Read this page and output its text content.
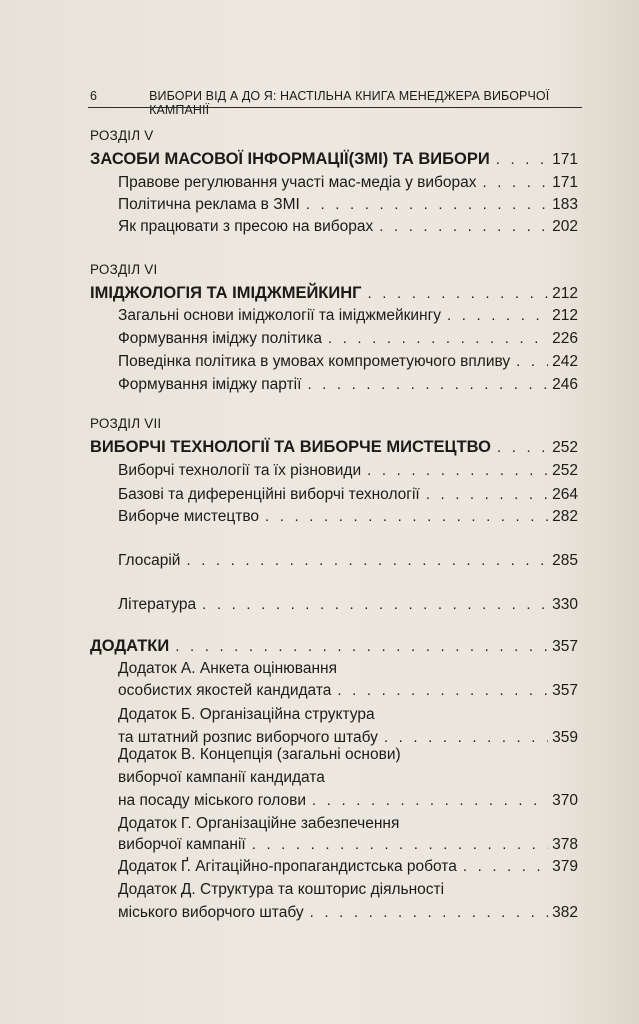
6	ВИБОРИ ВІД А ДО Я: НАСТІЛЬНА КНИГА МЕНЕДЖЕРА ВИБОРЧОЇ КАМПАНІЇ
РОЗДІЛ V
ЗАСОБИ МАСОВОЇ ІНФОРМАЦІЇ(ЗМІ) ТА ВИБОРИ . . .	171
Правове регулювання участі мас-медіа у виборах . . .	171
Політична реклама в ЗМІ . . .	183
Як працювати з пресою на виборах . . .	202
РОЗДІЛ VI
ІМІДЖОЛОГІЯ ТА ІМІДЖМЕЙКИНГ . . .	212
Загальні основи іміджології та іміджмейкингу . . .	212
Формування іміджу політика . . .	226
Поведінка політика в умовах компрометуючого впливу . . .	242
Формування іміджу партії . . .	246
РОЗДІЛ VII
ВИБОРЧІ ТЕХНОЛОГІЇ ТА ВИБОРЧЕ МИСТЕЦТВО . . .	252
Виборчі технології та їх різновиди . . .	252
Базові та диференційні виборчі технології . . .	264
Виборче мистецтво . . .	282
Глосарій . . .	285
Література . . .	330
ДОДАТКИ . . .	357
Додаток А. Анкета оцінювання
особистих якостей кандидата . . .	357
Додаток Б. Організаційна структура
та штатний розпис виборчого штабу . . .	359
Додаток В. Концепція (загальні основи)
виборчої кампанії кандидата
на посаду міського голови . . .	370
Додаток Г. Організаційне забезпечення
виборчої кампанії . . .	378
Додаток Ґ. Агітаційно-пропагандистська робота . . .	379
Додаток Д. Структура та кошторис діяльності
міського виборчого штабу . . .	382
